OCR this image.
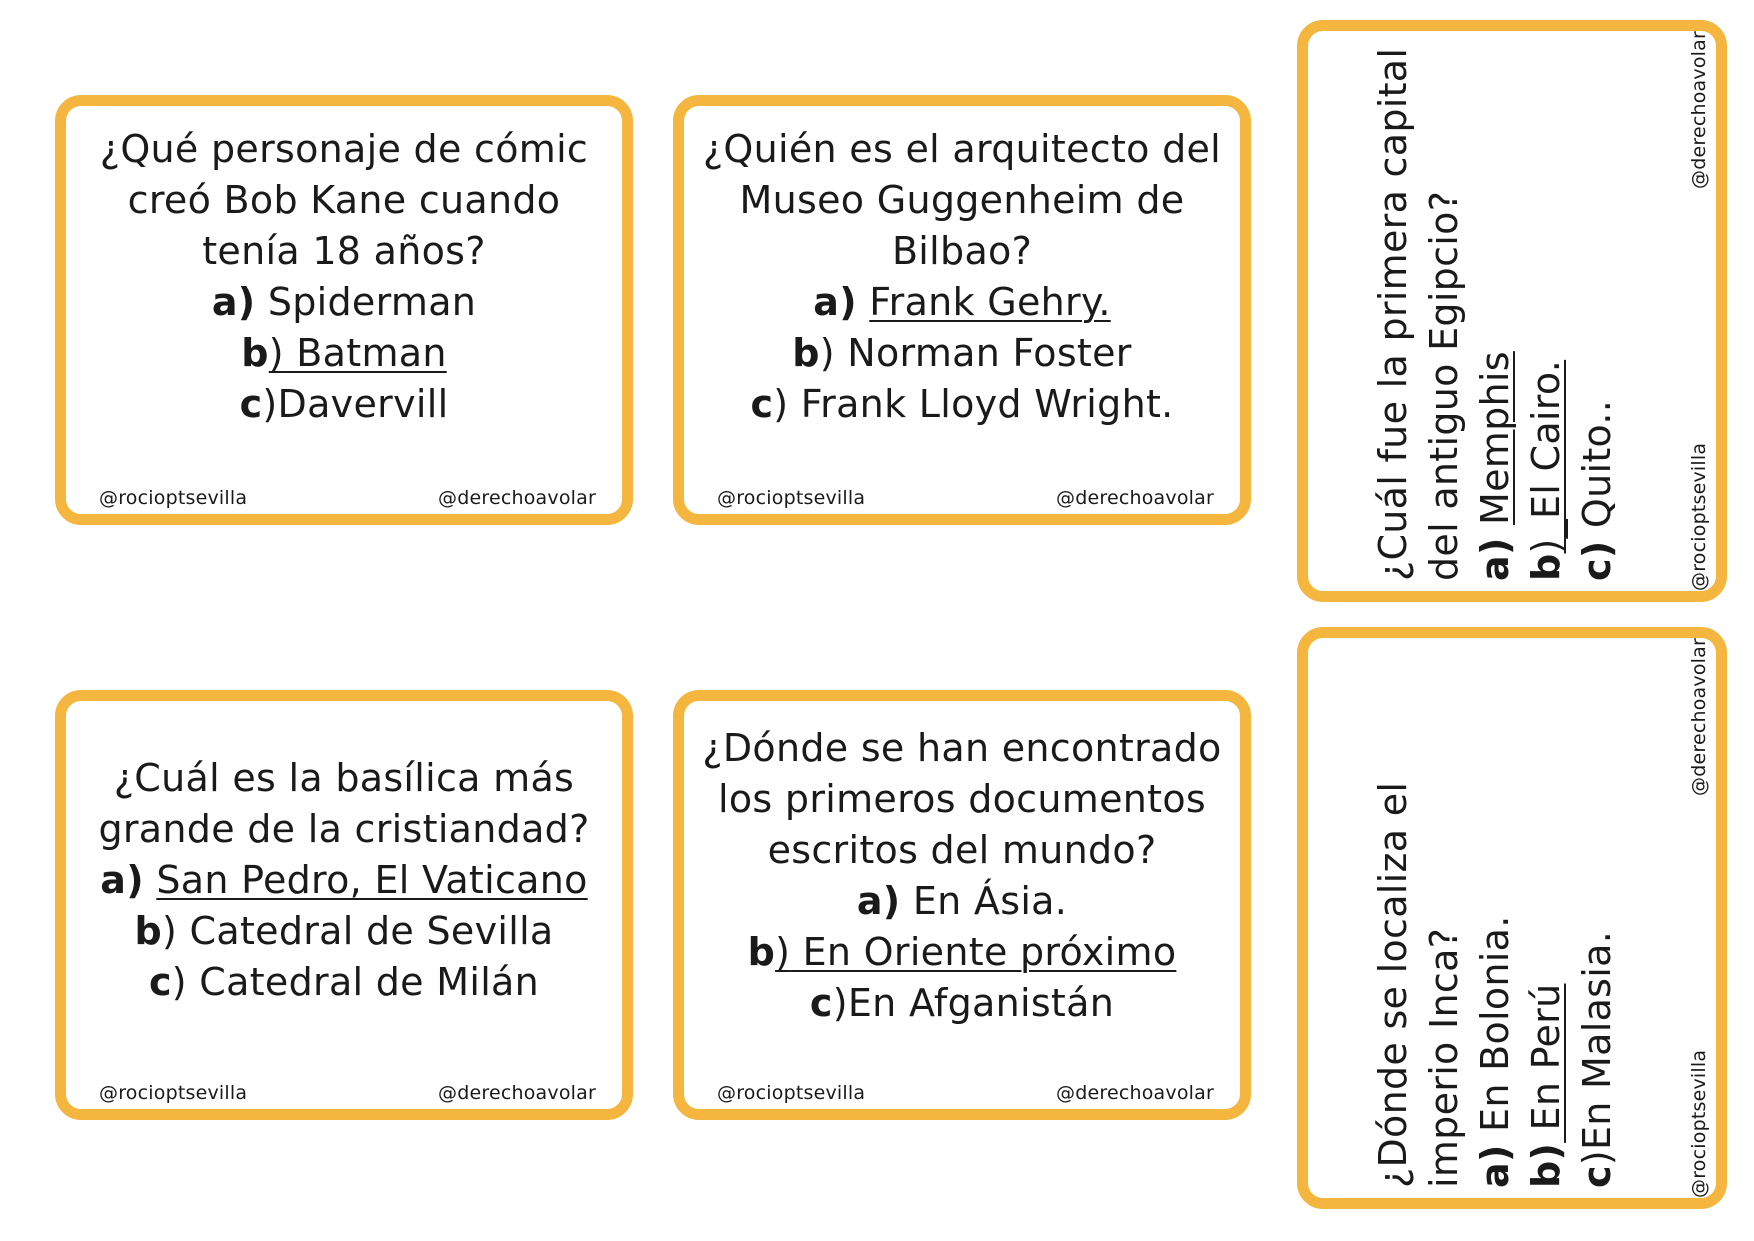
¿Qué personaje de cómic creó Bob Kane cuando tenía 18 años?
a) Spiderman
b) Batman
c)Davervill
@rocioptsevilla	@derechoavolar
¿Quién es el arquitecto del Museo Guggenheim de Bilbao?
a) Frank Gehry.
b) Norman Foster
c) Frank Lloyd Wright.
@rocioptsevilla	@derechoavolar
¿Cuál es la basílica más grande de la cristiandad?
a) San Pedro, El Vaticano
b) Catedral de Sevilla
c) Catedral de Milán
@rocioptsevilla	@derechoavolar
¿Dónde se han encontrado los primeros documentos escritos del mundo?
a) En Ásia.
b) En Oriente próximo
c)En Afganistán
@rocioptsevilla	@derechoavolar
¿Cuál fue la primera capital del antiguo Egipcio? a) Memphis
b)_El Cairo.
c) Quito..	@rocioptsevilla
@derechoavolar
¿Dónde se localiza el imperio Inca? a) En Bolonia.
b) En Perú
c)En Malasia.	@rocioptsevilla
@derechoavolar
